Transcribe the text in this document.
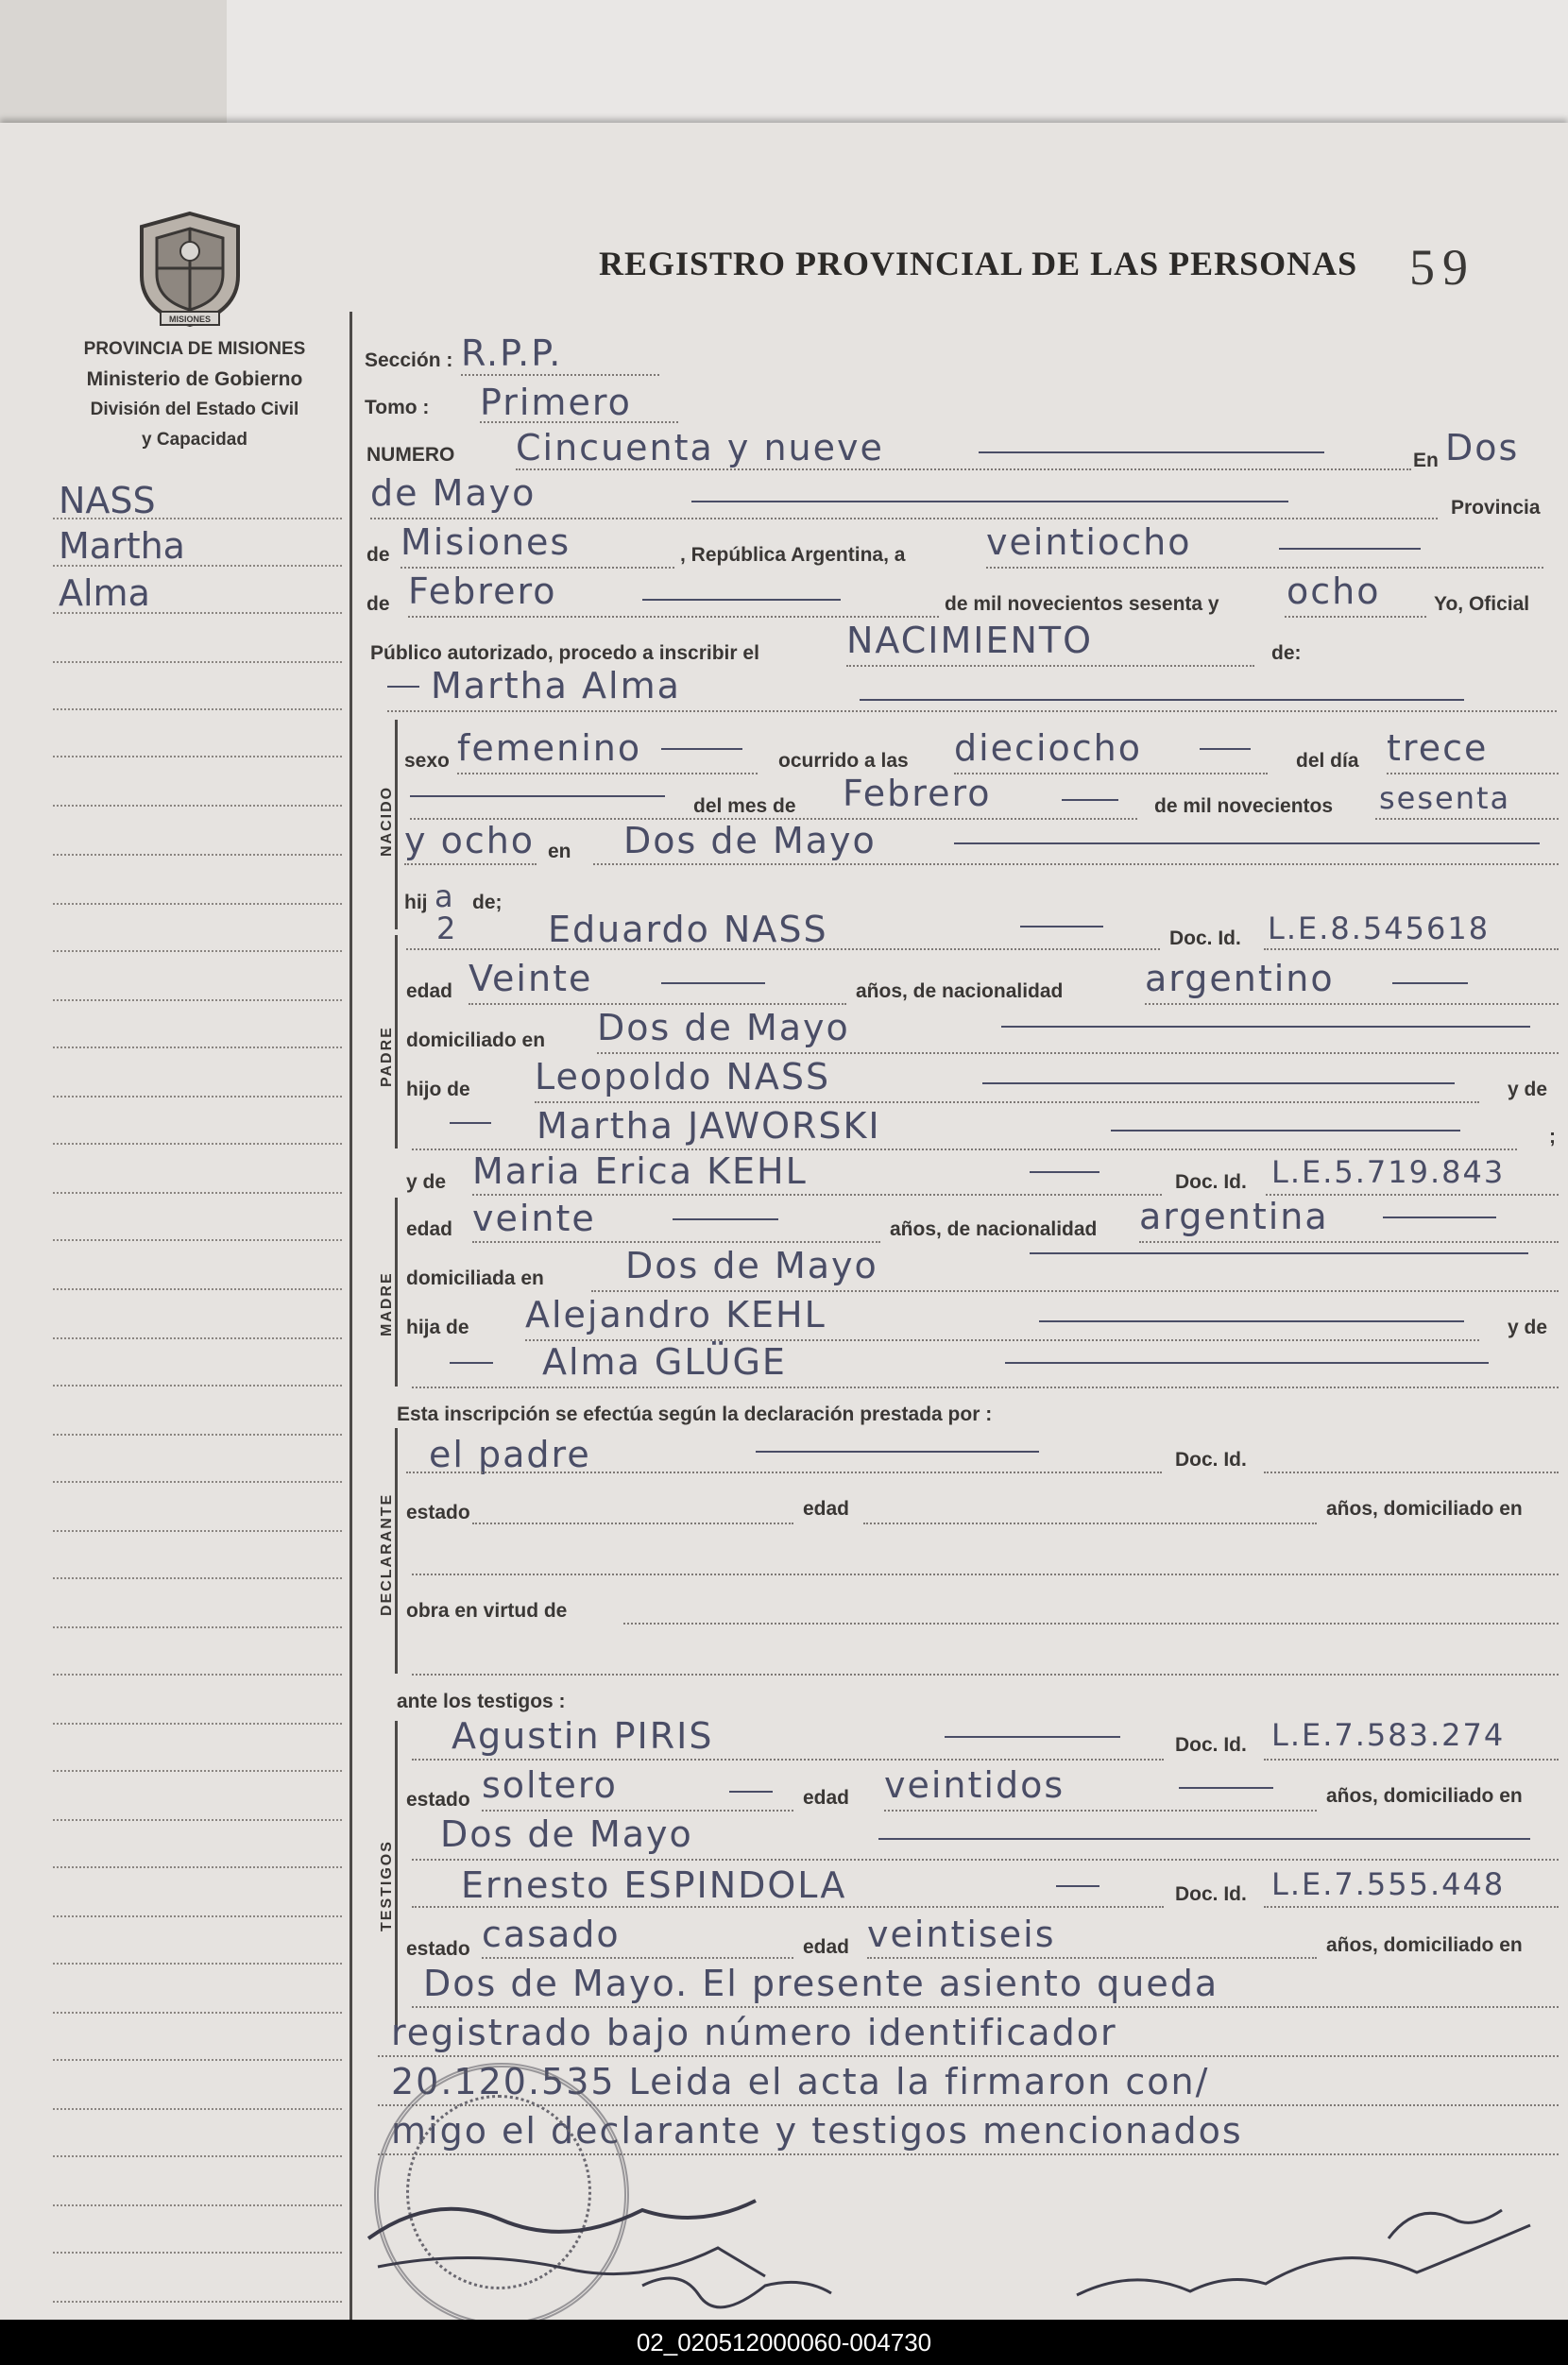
MISIONES
REGISTRO PROVINCIAL DE LAS PERSONAS 59
PROVINCIA DE MISIONES
Ministerio de Gobierno
División del Estado Civil
y Capacidad
NASS
Martha
Alma
Sección : R.P.P.
Tomo : Primero
NUMERO Cincuenta y nueve	En Dos
de Mayo	Provincia
de Misiones	, República Argentina, a veintiocho
de Febrero	de mil novecientos sesenta y ocho	Yo, Oficial
Público autorizado, procedo a inscribir el NACIMIENTO	de:
Martha Alma
NACIDO
sexo femenino	ocurrido a las dieciocho	del día trece
del mes de Febrero	de mil novecientos sesenta
y ocho en Dos de Mayo
hij a de;
PADRE
2	Eduardo NASS	Doc. Id. L.E.8.545618
edad Veinte	años, de nacionalidad argentino
domiciliado en Dos de Mayo
hijo de Leopoldo NASS	y de
Martha JAWORSKI	;
y de Maria Erica KEHL	Doc. Id. L.E.5.719.843
MADRE
edad veinte	años, de nacionalidad argentina
domiciliada en Dos de Mayo
hija de Alejandro KEHL	y de
Alma GLÜGE
Esta inscripción se efectúa según la declaración prestada por :
DECLARANTE
el padre	Doc. Id.
estado	edad	años, domiciliado en
obra en virtud de
ante los testigos :
TESTIGOS
Agustin PIRIS	Doc. Id. L.E.7.583.274
estado soltero	edad veintidos	años, domiciliado en
Dos de Mayo
Ernesto ESPINDOLA	Doc. Id. L.E.7.555.448
estado casado	edad veintiseis	años, domiciliado en
Dos de Mayo. El presente asiento queda
registrado bajo número identificador
20.120.535 Leida el acta la firmaron con/
migo el declarante y testigos mencionados
02_020512000060-004730
